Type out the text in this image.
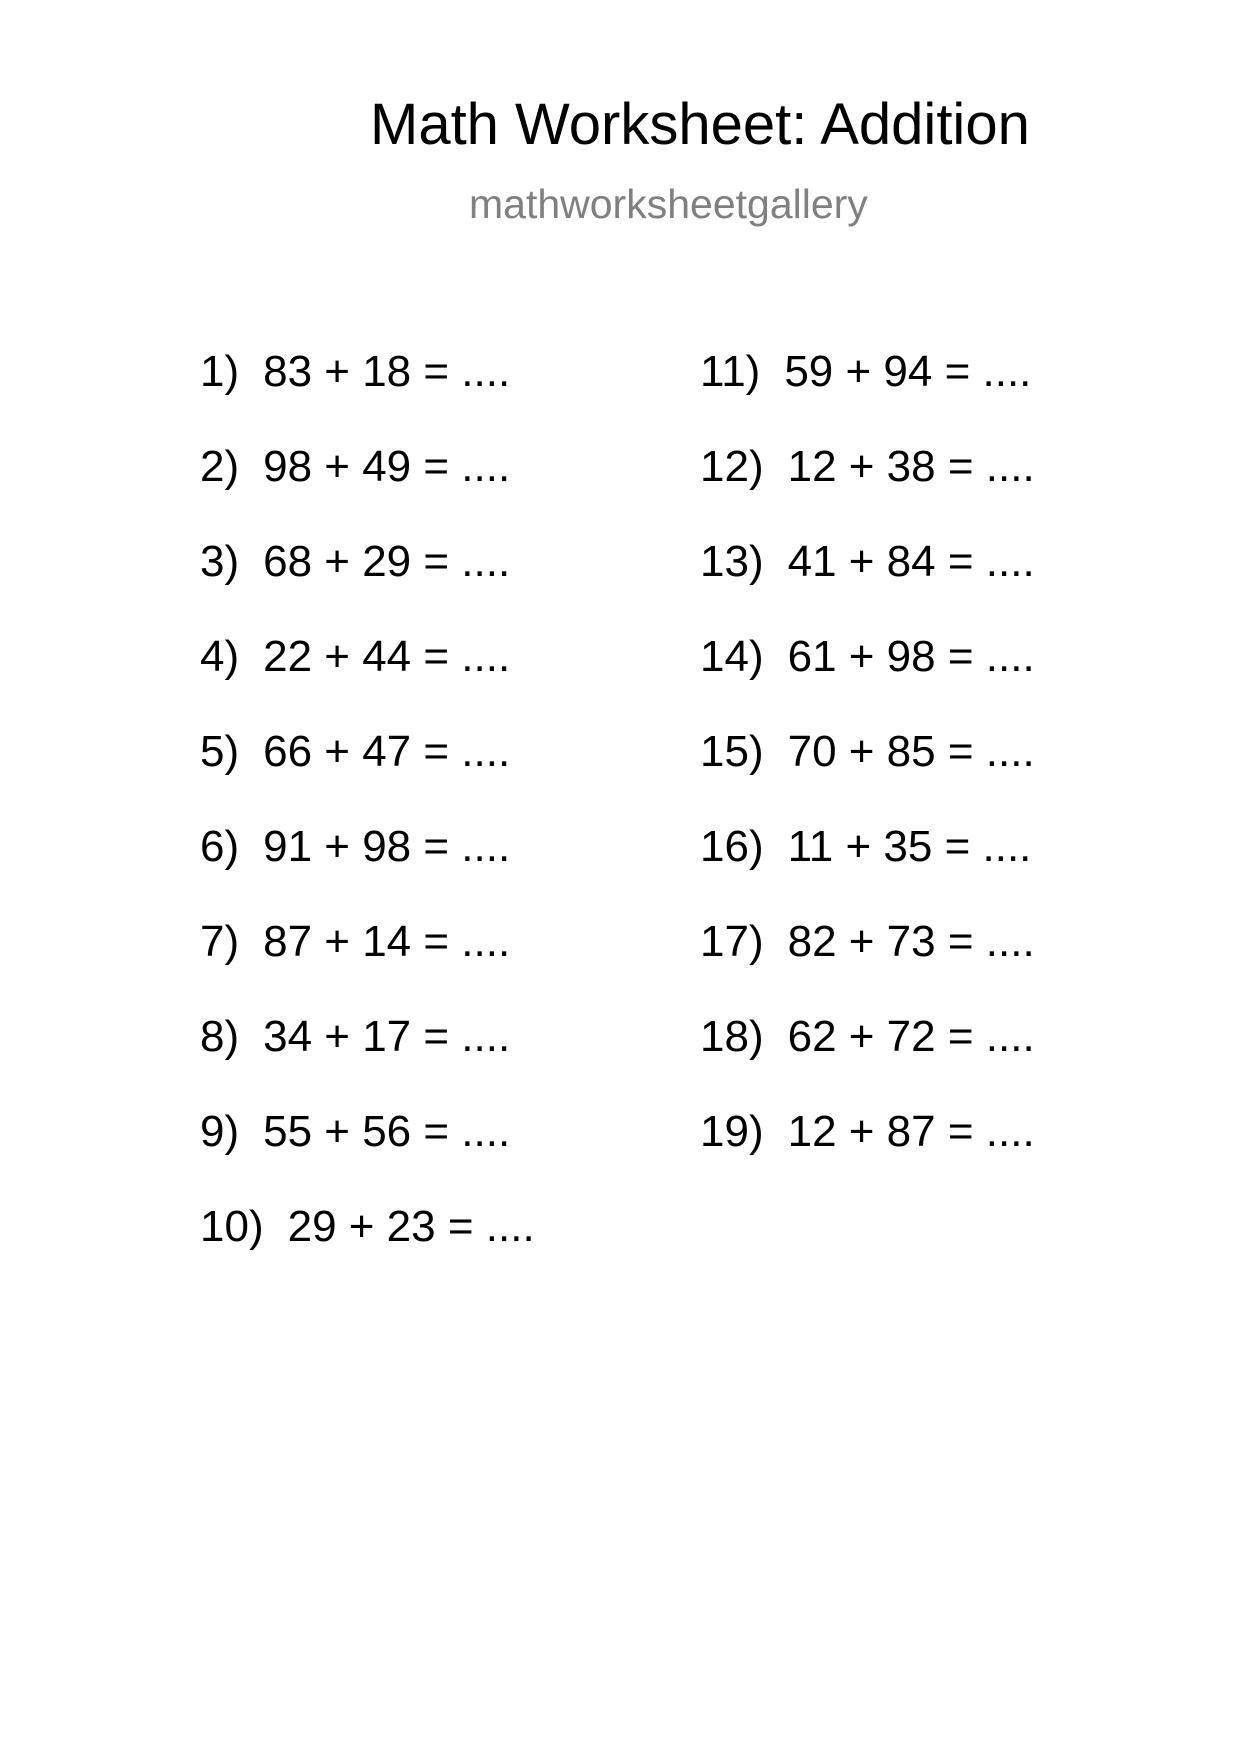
Math Worksheet: Addition
mathworksheetgallery
1) 83 + 18 = ....
2) 98 + 49 = ....
3) 68 + 29 = ....
4) 22 + 44 = ....
5) 66 + 47 = ....
6) 91 + 98 = ....
7) 87 + 14 = ....
8) 34 + 17 = ....
9) 55 + 56 = ....
10) 29 + 23 = ....
11) 59 + 94 = ....
12) 12 + 38 = ....
13) 41 + 84 = ....
14) 61 + 98 = ....
15) 70 + 85 = ....
16) 11 + 35 = ....
17) 82 + 73 = ....
18) 62 + 72 = ....
19) 12 + 87 = ....
